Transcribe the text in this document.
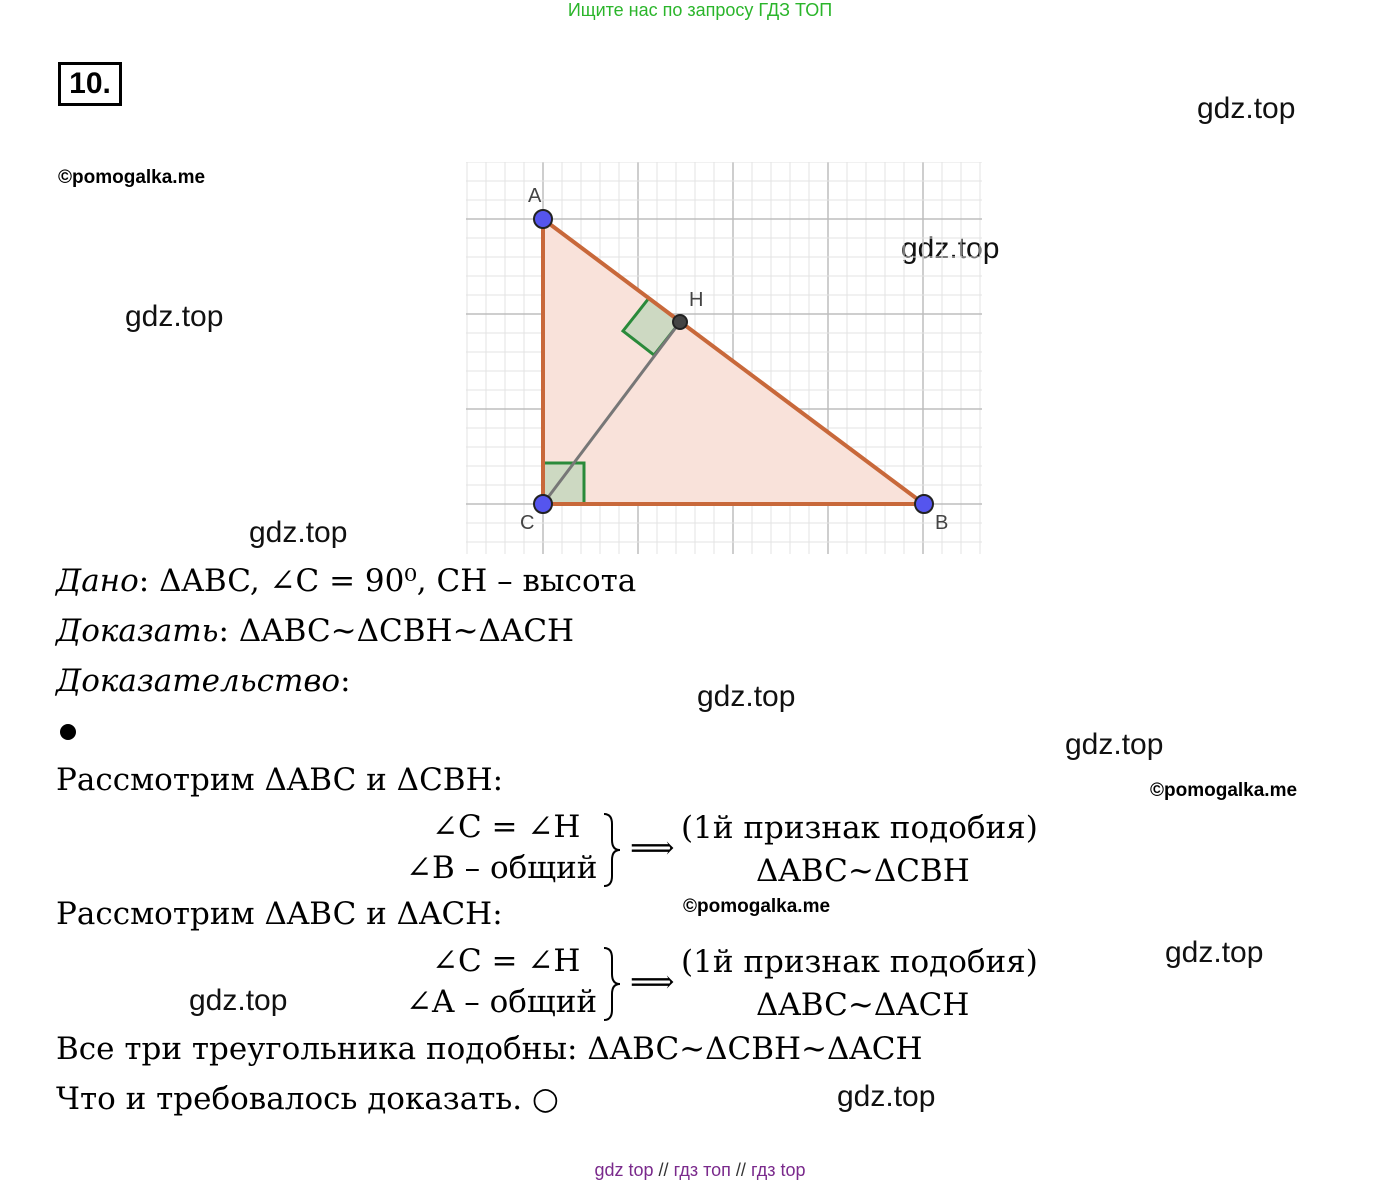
Ищите нас по запросу ГДЗ ТОП
10.
gdz.top
©pomogalka.me
gdz.top
gdz.top
gdz.top
gdz.top
gdz.top
©pomogalka.me
©pomogalka.me
gdz.top
gdz.top
gdz.top
A
H
C	B
Дано: ΔABC, ∠C = 90⁰, CH – высота
Доказать: ΔABC~ΔCBH~ΔACH
Доказательство:
Рассмотрим ΔABC и ΔCBH:
∠C = ∠H
∠B – общий
⟹
(1й признак подобия)
ΔABC~ΔCBH
Рассмотрим ΔABC и ΔACH:
∠C = ∠H
∠A – общий
⟹
(1й признак подобия)
ΔABC~ΔACH
Все три треугольника подобны: ΔABC~ΔCBH~ΔACH
Что и требовалось доказать. ○
gdz top // гдз топ // гдз top
